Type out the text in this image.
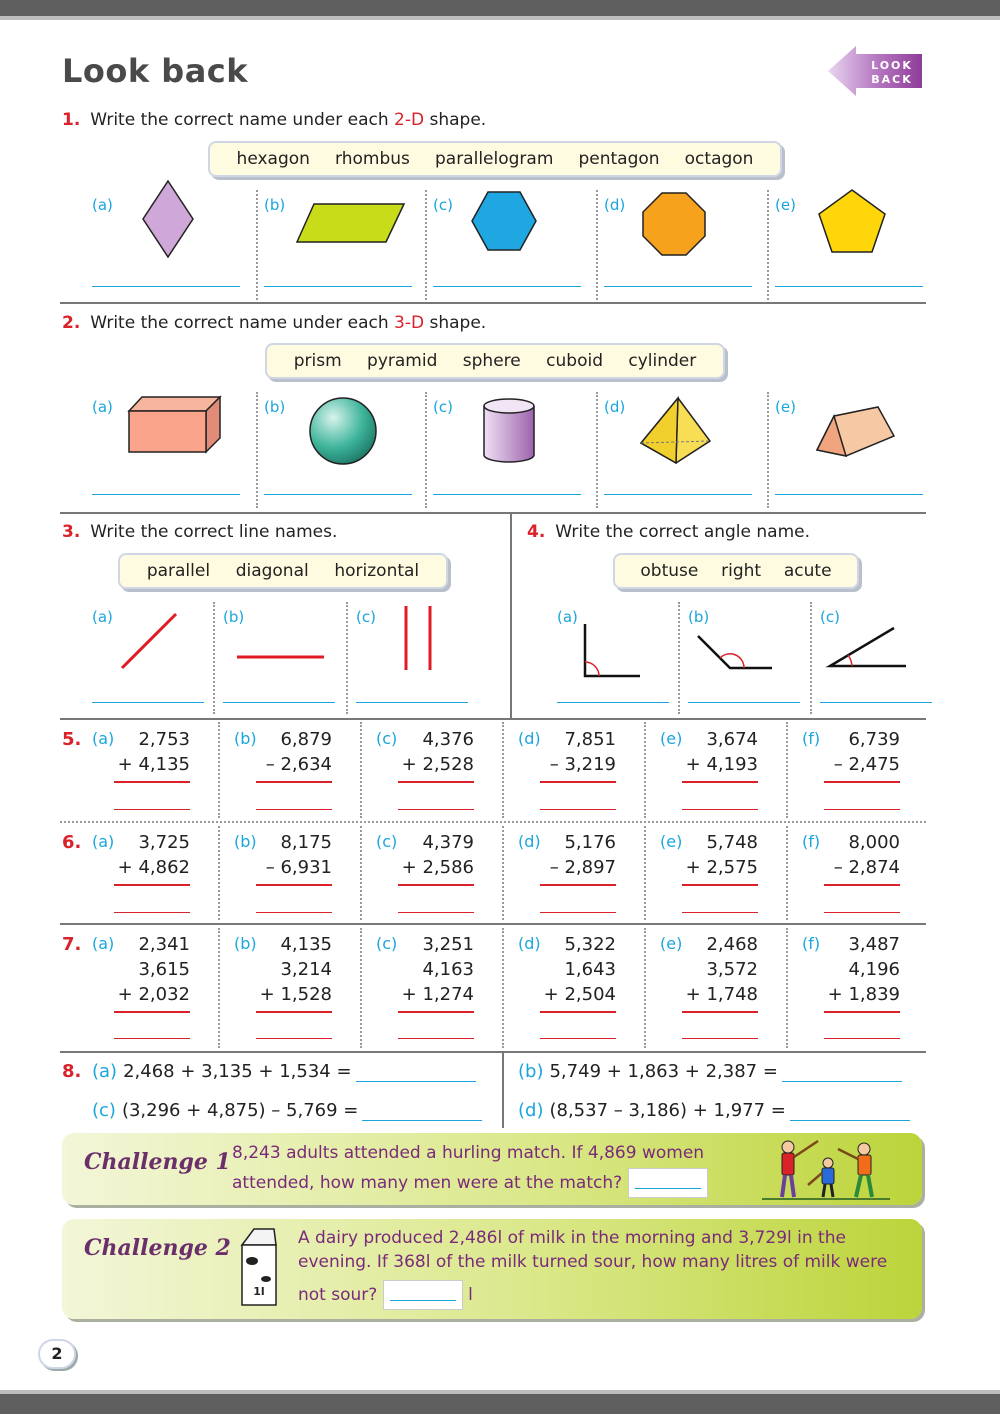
Look back	LOOK
BACK
1. Write the correct name under each 2-D shape.
hexagon rhombus parallelogram pentagon octagon
(a)	(b)	(c)	(d)	(e)
2. Write the correct name under each 3-D shape.
prism pyramid sphere cuboid cylinder
(a)	(b)	(c)	(d)	(e)
3. Write the correct line names.
parallel diagonal horizontal
(a)	(b)	(c)
4. Write the correct angle name.
obtuse right acute
(a)	(b)	(c)
5. (a) 2,753
+ 4,135
(b) 6,879
– 2,634
(c) 4,376
+ 2,528
(d) 7,851
– 3,219
(e) 3,674
+ 4,193
(f) 6,739
– 2,475
6. (a) 3,725
+ 4,862
(b) 8,175
– 6,931
(c) 4,379
+ 2,586
(d) 5,176
– 2,897
(e) 5,748
+ 2,575
(f) 8,000
– 2,874
7. (a) 2,341
3,615
+ 2,032
(b) 4,135
3,214
+ 1,528
(c) 3,251
4,163
+ 1,274
(d) 5,322
1,643
+ 2,504
(e) 2,468
3,572
+ 1,748
(f) 3,487
4,196
+ 1,839
8. (a) 2,468 + 3,135 + 1,534 =	(b) 5,749 + 1,863 + 2,387 =
(c) (3,296 + 4,875) – 5,769 =	(d) (8,537 – 3,186) + 1,977 =
Challenge 1 8,243 adults attended a hurling match. If 4,869 women
attended, how many men were at the match?
Challenge 2
1l
A dairy produced 2,486l of milk in the morning and 3,729l in the
evening. If 368l of the milk turned sour, how many litres of milk were
not sour?	l
2
